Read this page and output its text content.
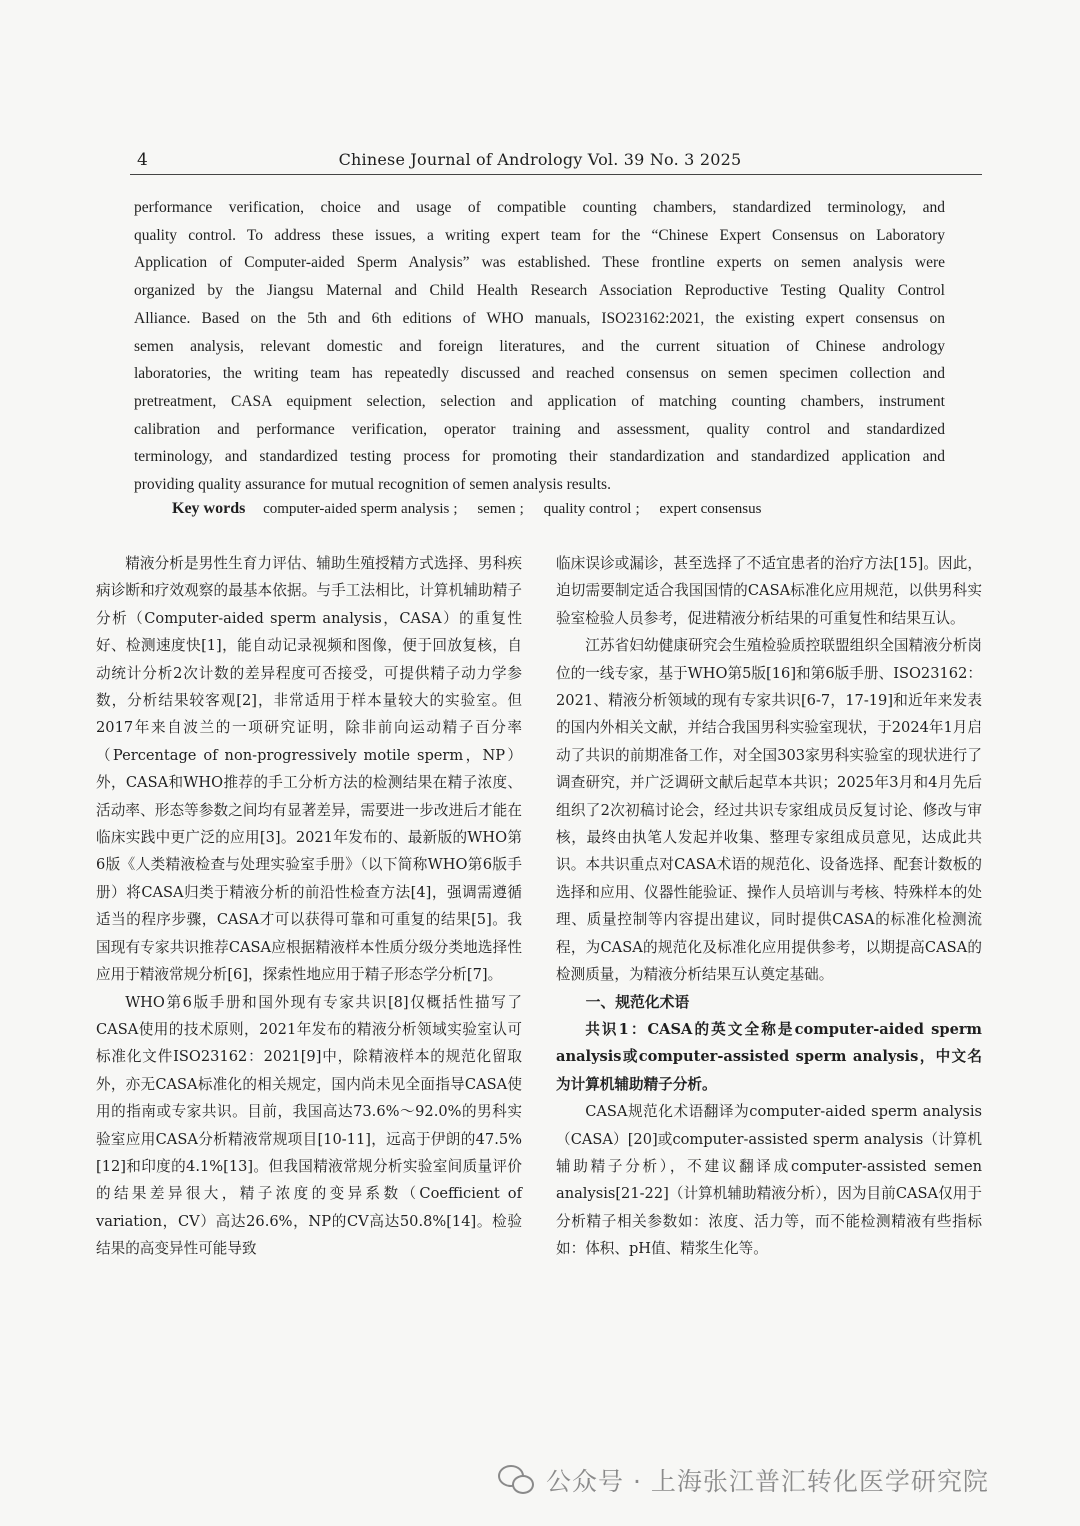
4	Chinese Journal of Andrology Vol. 39 No. 3 2025
performance verification, choice and usage of compatible counting chambers, standardized terminology, and
quality control. To address these issues, a writing expert team for the “Chinese Expert Consensus on Laboratory
Application of Computer-aided Sperm Analysis” was established. These frontline experts on semen analysis were
organized by the Jiangsu Maternal and Child Health Research Association Reproductive Testing Quality Control
Alliance. Based on the 5th and 6th editions of WHO manuals, ISO23162:2021, the existing expert consensus on
semen analysis, relevant domestic and foreign literatures, and the current situation of Chinese andrology
laboratories, the writing team has repeatedly discussed and reached consensus on semen specimen collection and
pretreatment, CASA equipment selection, selection and application of matching counting chambers, instrument
calibration and performance verification, operator training and assessment, quality control and standardized
terminology, and standardized testing process for promoting their standardization and standardized application and
providing quality assurance for mutual recognition of semen analysis results.
Key words computer-aided sperm analysis ; semen ; quality control ; expert consensus

精液分析是男性生育力评估、辅助生殖授精方式选择、男科疾病诊断和疗效观察的最基本依据。与手工法相比，计算机辅助精子分析（Computer-aided sperm analysis，CASA）的重复性好、检测速度快[1]，能自动记录视频和图像，便于回放复核，自动统计分析2次计数的差异程度可否接受，可提供精子动力学参数，分析结果较客观[2]，非常适用于样本量较大的实验室。但2017年来自波兰的一项研究证明，除非前向运动精子百分率（Percentage of non-progressively motile sperm，NP）外，CASA和WHO推荐的手工分析方法的检测结果在精子浓度、活动率、形态等参数之间均有显著差异，需要进一步改进后才能在临床实践中更广泛的应用[3]。2021年发布的、最新版的WHO第6版《人类精液检查与处理实验室手册》（以下简称WHO第6版手册）将CASA归类于精液分析的前沿性检查方法[4]，强调需遵循适当的程序步骤，CASA才可以获得可靠和可重复的结果[5]。我国现有专家共识推荐CASA应根据精液样本性质分级分类地选择性应用于精液常规分析[6]，探索性地应用于精子形态学分析[7]。

WHO第6版手册和国外现有专家共识[8]仅概括性描写了CASA使用的技术原则，2021年发布的精液分析领域实验室认可标准化文件ISO23162：2021[9]中，除精液样本的规范化留取外，亦无CASA标准化的相关规定，国内尚未见全面指导CASA使用的指南或专家共识。目前，我国高达73.6%～92.0%的男科实验室应用CASA分析精液常规项目[10-11]，远高于伊朗的47.5%[12]和印度的4.1%[13]。但我国精液常规分析实验室间质量评价的结果差异很大，精子浓度的变异系数（Coefficient of variation，CV）高达26.6%，NP的CV高达50.8%[14]。检验结果的高变异性可能导致

临床误诊或漏诊，甚至选择了不适宜患者的治疗方法[15]。因此，迫切需要制定适合我国国情的CASA标准化应用规范，以供男科实验室检验人员参考，促进精液分析结果的可重复性和结果互认。

江苏省妇幼健康研究会生殖检验质控联盟组织全国精液分析岗位的一线专家，基于WHO第5版[16]和第6版手册、ISO23162：2021、精液分析领域的现有专家共识[6-7，17-19]和近年来发表的国内外相关文献，并结合我国男科实验室现状，于2024年1月启动了共识的前期准备工作，对全国303家男科实验室的现状进行了调查研究，并广泛调研文献后起草本共识；2025年3月和4月先后组织了2次初稿讨论会，经过共识专家组成员反复讨论、修改与审核，最终由执笔人发起并收集、整理专家组成员意见，达成此共识。本共识重点对CASA术语的规范化、设备选择、配套计数板的选择和应用、仪器性能验证、操作人员培训与考核、特殊样本的处理、质量控制等内容提出建议，同时提供CASA的标准化检测流程，为CASA的规范化及标准化应用提供参考，以期提高CASA的检测质量，为精液分析结果互认奠定基础。

一、规范化术语

共识1：CASA的英文全称是computer-aided sperm analysis或computer-assisted sperm analysis，中文名为计算机辅助精子分析。

CASA规范化术语翻译为computer-aided sperm analysis（CASA）[20]或computer-assisted sperm analysis（计算机辅助精子分析），不建议翻译成computer-assisted semen analysis[21-22]（计算机辅助精液分析），因为目前CASA仅用于分析精子相关参数如：浓度、活力等，而不能检测精液有些指标如：体积、pH值、精浆生化等。

公众号 · 上海张江普汇转化医学研究院
